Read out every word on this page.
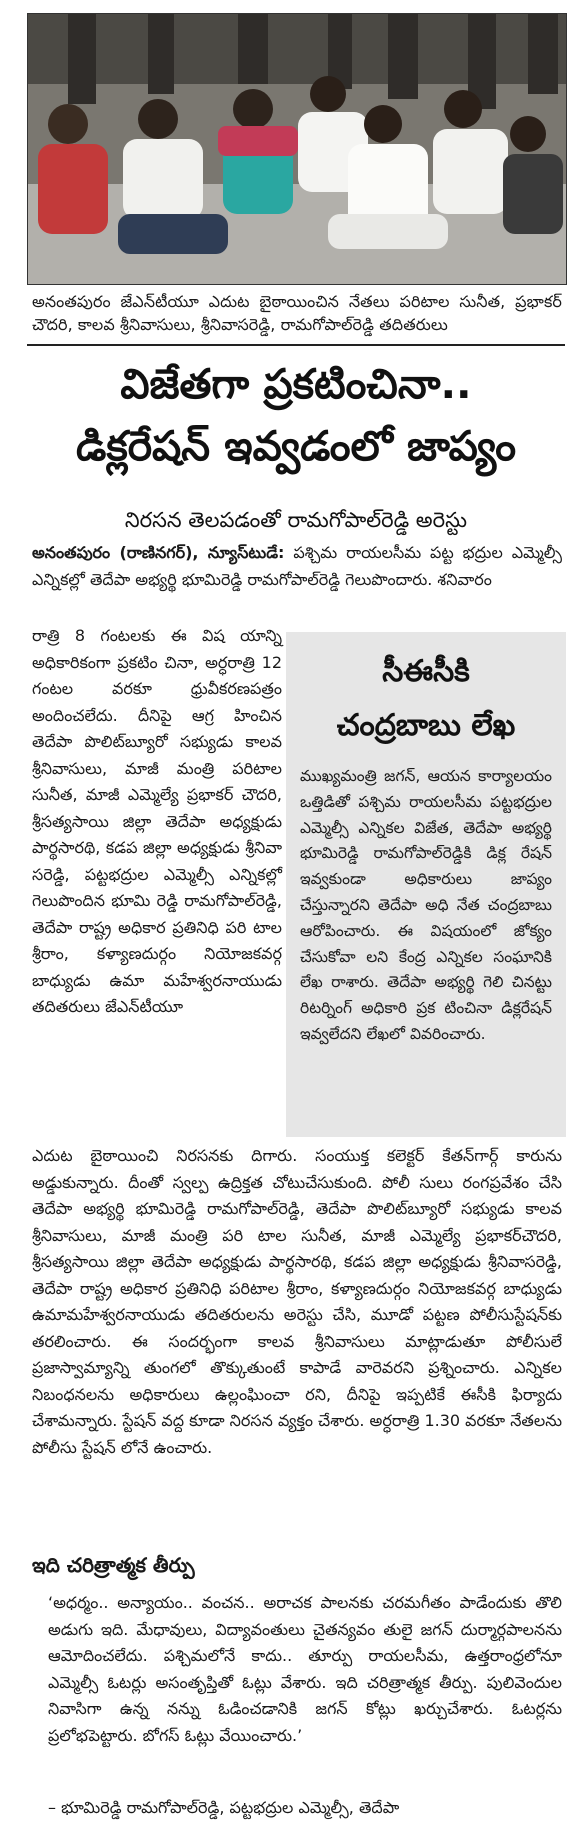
అనంతపురం జేఎన్‌టీయూ ఎదుట బైఠాయించిన నేతలు పరిటాల సునీత, ప్రభాకర్ చౌదరి, కాలవ శ్రీనివాసులు, శ్రీనివాసరెడ్డి, రామగోపాల్‌రెడ్డి తదితరులు
విజేతగా ప్రకటించినా..
డిక్లరేషన్ ఇవ్వడంలో జాప్యం
నిరసన తెలపడంతో రామగోపాల్‌రెడ్డి అరెస్టు
అనంతపురం (రాణినగర్), న్యూస్‌టుడే: పశ్చిమ రాయలసీమ పట్ట భద్రుల ఎమ్మెల్సీ ఎన్నికల్లో తెదేపా అభ్యర్థి భూమిరెడ్డి రామగోపాల్‌రెడ్డి గెలుపొందారు. శనివారం
రాత్రి 8 గంటలకు ఈ విష యాన్ని అధికారికంగా ప్రకటిం చినా, అర్ధరాత్రి 12 గంటల వరకూ ధ్రువీకరణపత్రం అందించలేదు. దీనిపై ఆగ్ర హించిన తెదేపా పొలిట్‌బ్యూరో సభ్యుడు కాలవ శ్రీనివాసులు, మాజీ మంత్రి పరిటాల సునీత, మాజీ ఎమ్మెల్యే ప్రభాకర్ చౌదరి, శ్రీసత్యసాయి జిల్లా తెదేపా అధ్యక్షుడు పార్థసారథి, కడప జిల్లా అధ్యక్షుడు శ్రీనివా సరెడ్డి, పట్టభద్రుల ఎమ్మెల్సీ ఎన్నికల్లో గెలుపొందిన భూమి రెడ్డి రామగోపాల్‌రెడ్డి, తెదేపా రాష్ట్ర అధికార ప్రతినిధి పరి టాల శ్రీరాం, కళ్యాణదుర్గం నియోజకవర్గ బాధ్యుడు ఉమా మహేశ్వరనాయుడు తదితరులు జేఎన్‌టీయూ
సీఈసీకి
చంద్రబాబు లేఖ
ముఖ్యమంత్రి జగన్, ఆయన కార్యాలయం ఒత్తిడితో పశ్చిమ రాయలసీమ పట్టభద్రుల ఎమ్మెల్సీ ఎన్నికల విజేత, తెదేపా అభ్యర్థి భూమిరెడ్డి రామగోపాల్‌రెడ్డికి డిక్ల రేషన్ ఇవ్వకుండా అధికారులు జాప్యం చేస్తున్నారని తెదేపా అధి నేత చంద్రబాబు ఆరోపించారు. ఈ విషయంలో జోక్యం చేసుకోవా లని కేంద్ర ఎన్నికల సంఘానికి లేఖ రాశారు. తెదేపా అభ్యర్థి గెలి చినట్టు రిటర్నింగ్ అధికారి ప్రక టించినా డిక్లరేషన్ ఇవ్వలేదని లేఖలో వివరించారు.
ఎదుట బైఠాయించి నిరసనకు దిగారు. సంయుక్త కలెక్టర్ కేతన్‌గార్గ్ కారును అడ్డుకున్నారు. దీంతో స్వల్ప ఉద్రిక్తత చోటుచేసుకుంది. పోలీ సులు రంగప్రవేశం చేసి తెదేపా అభ్యర్థి భూమిరెడ్డి రామగోపాల్‌రెడ్డి, తెదేపా పొలిట్‌బ్యూరో సభ్యుడు కాలవ శ్రీనివాసులు, మాజీ మంత్రి పరి టాల సునీత, మాజీ ఎమ్మెల్యే ప్రభాకర్‌చౌదరి, శ్రీసత్యసాయి జిల్లా తెదేపా అధ్యక్షుడు పార్థసారథి, కడప జిల్లా అధ్యక్షుడు శ్రీనివాసరెడ్డి, తెదేపా రాష్ట్ర అధికార ప్రతినిధి పరిటాల శ్రీరాం, కళ్యాణదుర్గం నియోజకవర్గ బాధ్యుడు ఉమామహేశ్వరనాయుడు తదితరులను అరెస్టు చేసి, మూడో పట్టణ పోలీసుస్టేషన్‌కు తరలించారు. ఈ సందర్భంగా కాలవ శ్రీనివాసులు మాట్లాడుతూ పోలీసులే ప్రజాస్వామ్యాన్ని తుంగలో తొక్కుతుంటే కాపాడే వారెవరని ప్రశ్నించారు. ఎన్నికల నిబంధనలను అధికారులు ఉల్లంఘించా రని, దీనిపై ఇప్పటికే ఈసీకి ఫిర్యాదు చేశామన్నారు. స్టేషన్ వద్ద కూడా నిరసన వ్యక్తం చేశారు. అర్ధరాత్రి 1.30 వరకూ నేతలను పోలీసు స్టేషన్ లోనే ఉంచారు.
ఇది చరిత్రాత్మక తీర్పు
‘అధర్మం.. అన్యాయం.. వంచన.. అరాచక పాలనకు చరమగీతం పాడేందుకు తొలి అడుగు ఇది. మేధావులు, విద్యావంతులు చైతన్యవం తులై జగన్ దుర్మార్గపాలనను ఆమోదించలేదు. పశ్చిమలోనే కాదు.. తూర్పు రాయలసీమ, ఉత్తరాంధ్రలోనూ ఎమ్మెల్సీ ఓటర్లు అసంతృప్తితో ఓట్లు వేశారు. ఇది చరిత్రాత్మక తీర్పు. పులివెందుల నివాసిగా ఉన్న నన్ను ఓడించడానికి జగన్ కోట్లు ఖర్చుచేశారు. ఓటర్లను ప్రలోభపెట్టారు. బోగస్ ఓట్లు వేయించారు.’
– భూమిరెడ్డి రామగోపాల్‌రెడ్డి, పట్టభద్రుల ఎమ్మెల్సీ, తెదేపా
